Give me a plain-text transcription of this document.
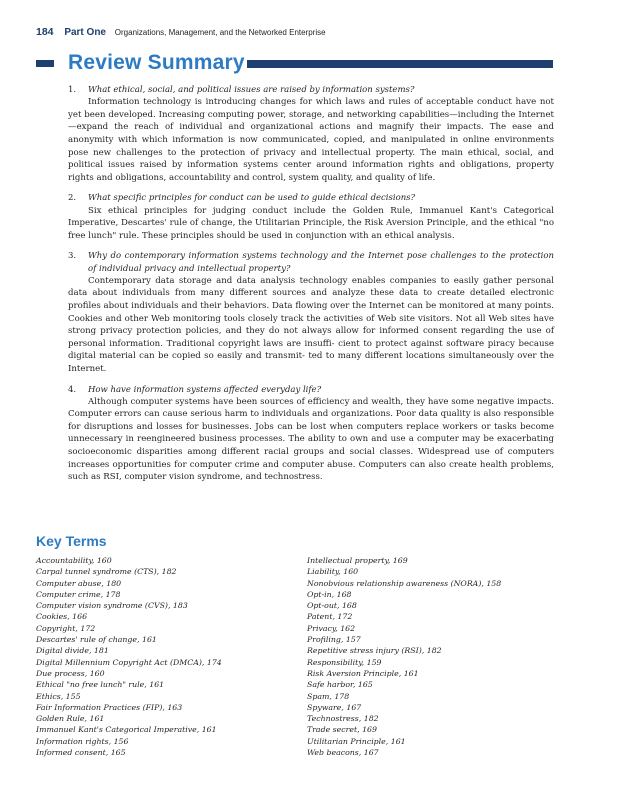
184 Part One Organizations, Management, and the Networked Enterprise
Review Summary
1. What ethical, social, and political issues are raised by information systems?

Information technology is introducing changes for which laws and rules of acceptable conduct have not yet been developed. Increasing computing power, storage, and networking capabilities—including the Internet—expand the reach of individual and organizational actions and magnify their impacts. The ease and anonymity with which information is now communicated, copied, and manipulated in online environments pose new challenges to the protection of privacy and intellectual property. The main ethical, social, and political issues raised by information systems center around information rights and obligations, property rights and obligations, accountability and control, system quality, and quality of life.

2. What specific principles for conduct can be used to guide ethical decisions?

Six ethical principles for judging conduct include the Golden Rule, Immanuel Kant's Categorical Imperative, Descartes' rule of change, the Utilitarian Principle, the Risk Aversion Principle, and the ethical "no free lunch" rule. These principles should be used in conjunction with an ethical analysis.

3. Why do contemporary information systems technology and the Internet pose challenges to the protection of individual privacy and intellectual property?

Contemporary data storage and data analysis technology enables companies to easily gather personal data about individuals from many different sources and analyze these data to create detailed electronic profiles about individuals and their behaviors. Data flowing over the Internet can be monitored at many points. Cookies and other Web monitoring tools closely track the activities of Web site visitors. Not all Web sites have strong privacy protection policies, and they do not always allow for informed consent regarding the use of personal information. Traditional copyright laws are insuffi- cient to protect against software piracy because digital material can be copied so easily and transmit- ted to many different locations simultaneously over the Internet.

4. How have information systems affected everyday life?

Although computer systems have been sources of efficiency and wealth, they have some negative impacts. Computer errors can cause serious harm to individuals and organizations. Poor data quality is also responsible for disruptions and losses for businesses. Jobs can be lost when computers replace workers or tasks become unnecessary in reengineered business processes. The ability to own and use a computer may be exacerbating socioeconomic disparities among different racial groups and social classes. Widespread use of computers increases opportunities for computer crime and computer abuse. Computers can also create health problems, such as RSI, computer vision syndrome, and technostress.

Key Terms
Accountability, 160
Carpal tunnel syndrome (CTS), 182
Computer abuse, 180
Computer crime, 178
Computer vision syndrome (CVS), 183
Cookies, 166
Copyright, 172
Descartes' rule of change, 161
Digital divide, 181
Digital Millennium Copyright Act (DMCA), 174
Due process, 160
Ethical "no free lunch" rule, 161
Ethics, 155
Fair Information Practices (FIP), 163
Golden Rule, 161
Immanuel Kant's Categorical Imperative, 161
Information rights, 156
Informed consent, 165
Intellectual property, 169
Liability, 160
Nonobvious relationship awareness (NORA), 158
Opt-in, 168
Opt-out, 168
Patent, 172
Privacy, 162
Profiling, 157
Repetitive stress injury (RSI), 182
Responsibility, 159
Risk Aversion Principle, 161
Safe harbor, 165
Spam, 178
Spyware, 167
Technostress, 182
Trade secret, 169
Utilitarian Principle, 161
Web beacons, 167
